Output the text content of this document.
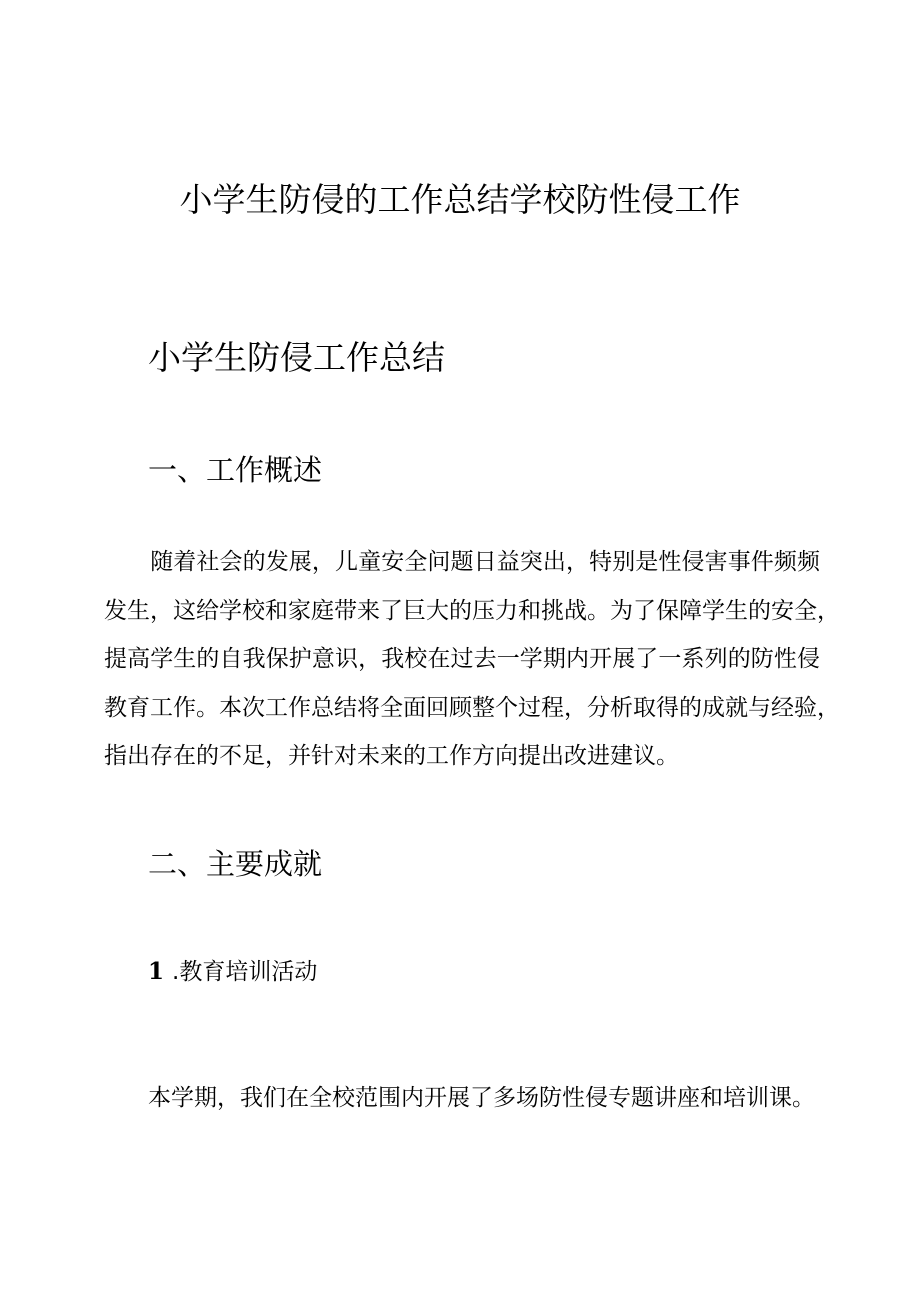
小学生防侵的工作总结学校防性侵工作
小学生防侵工作总结
一、工作概述
　　随着社会的发展，儿童安全问题日益突出，特别是性侵害事件频频
发生，这给学校和家庭带来了巨大的压力和挑战。为了保障学生的安全，
提高学生的自我保护意识，我校在过去一学期内开展了一系列的防性侵
教育工作。本次工作总结将全面回顾整个过程，分析取得的成就与经验，
指出存在的不足，并针对未来的工作方向提出改进建议。
二、主要成就
1 .教育培训活动
本学期，我们在全校范围内开展了多场防性侵专题讲座和培训课。
